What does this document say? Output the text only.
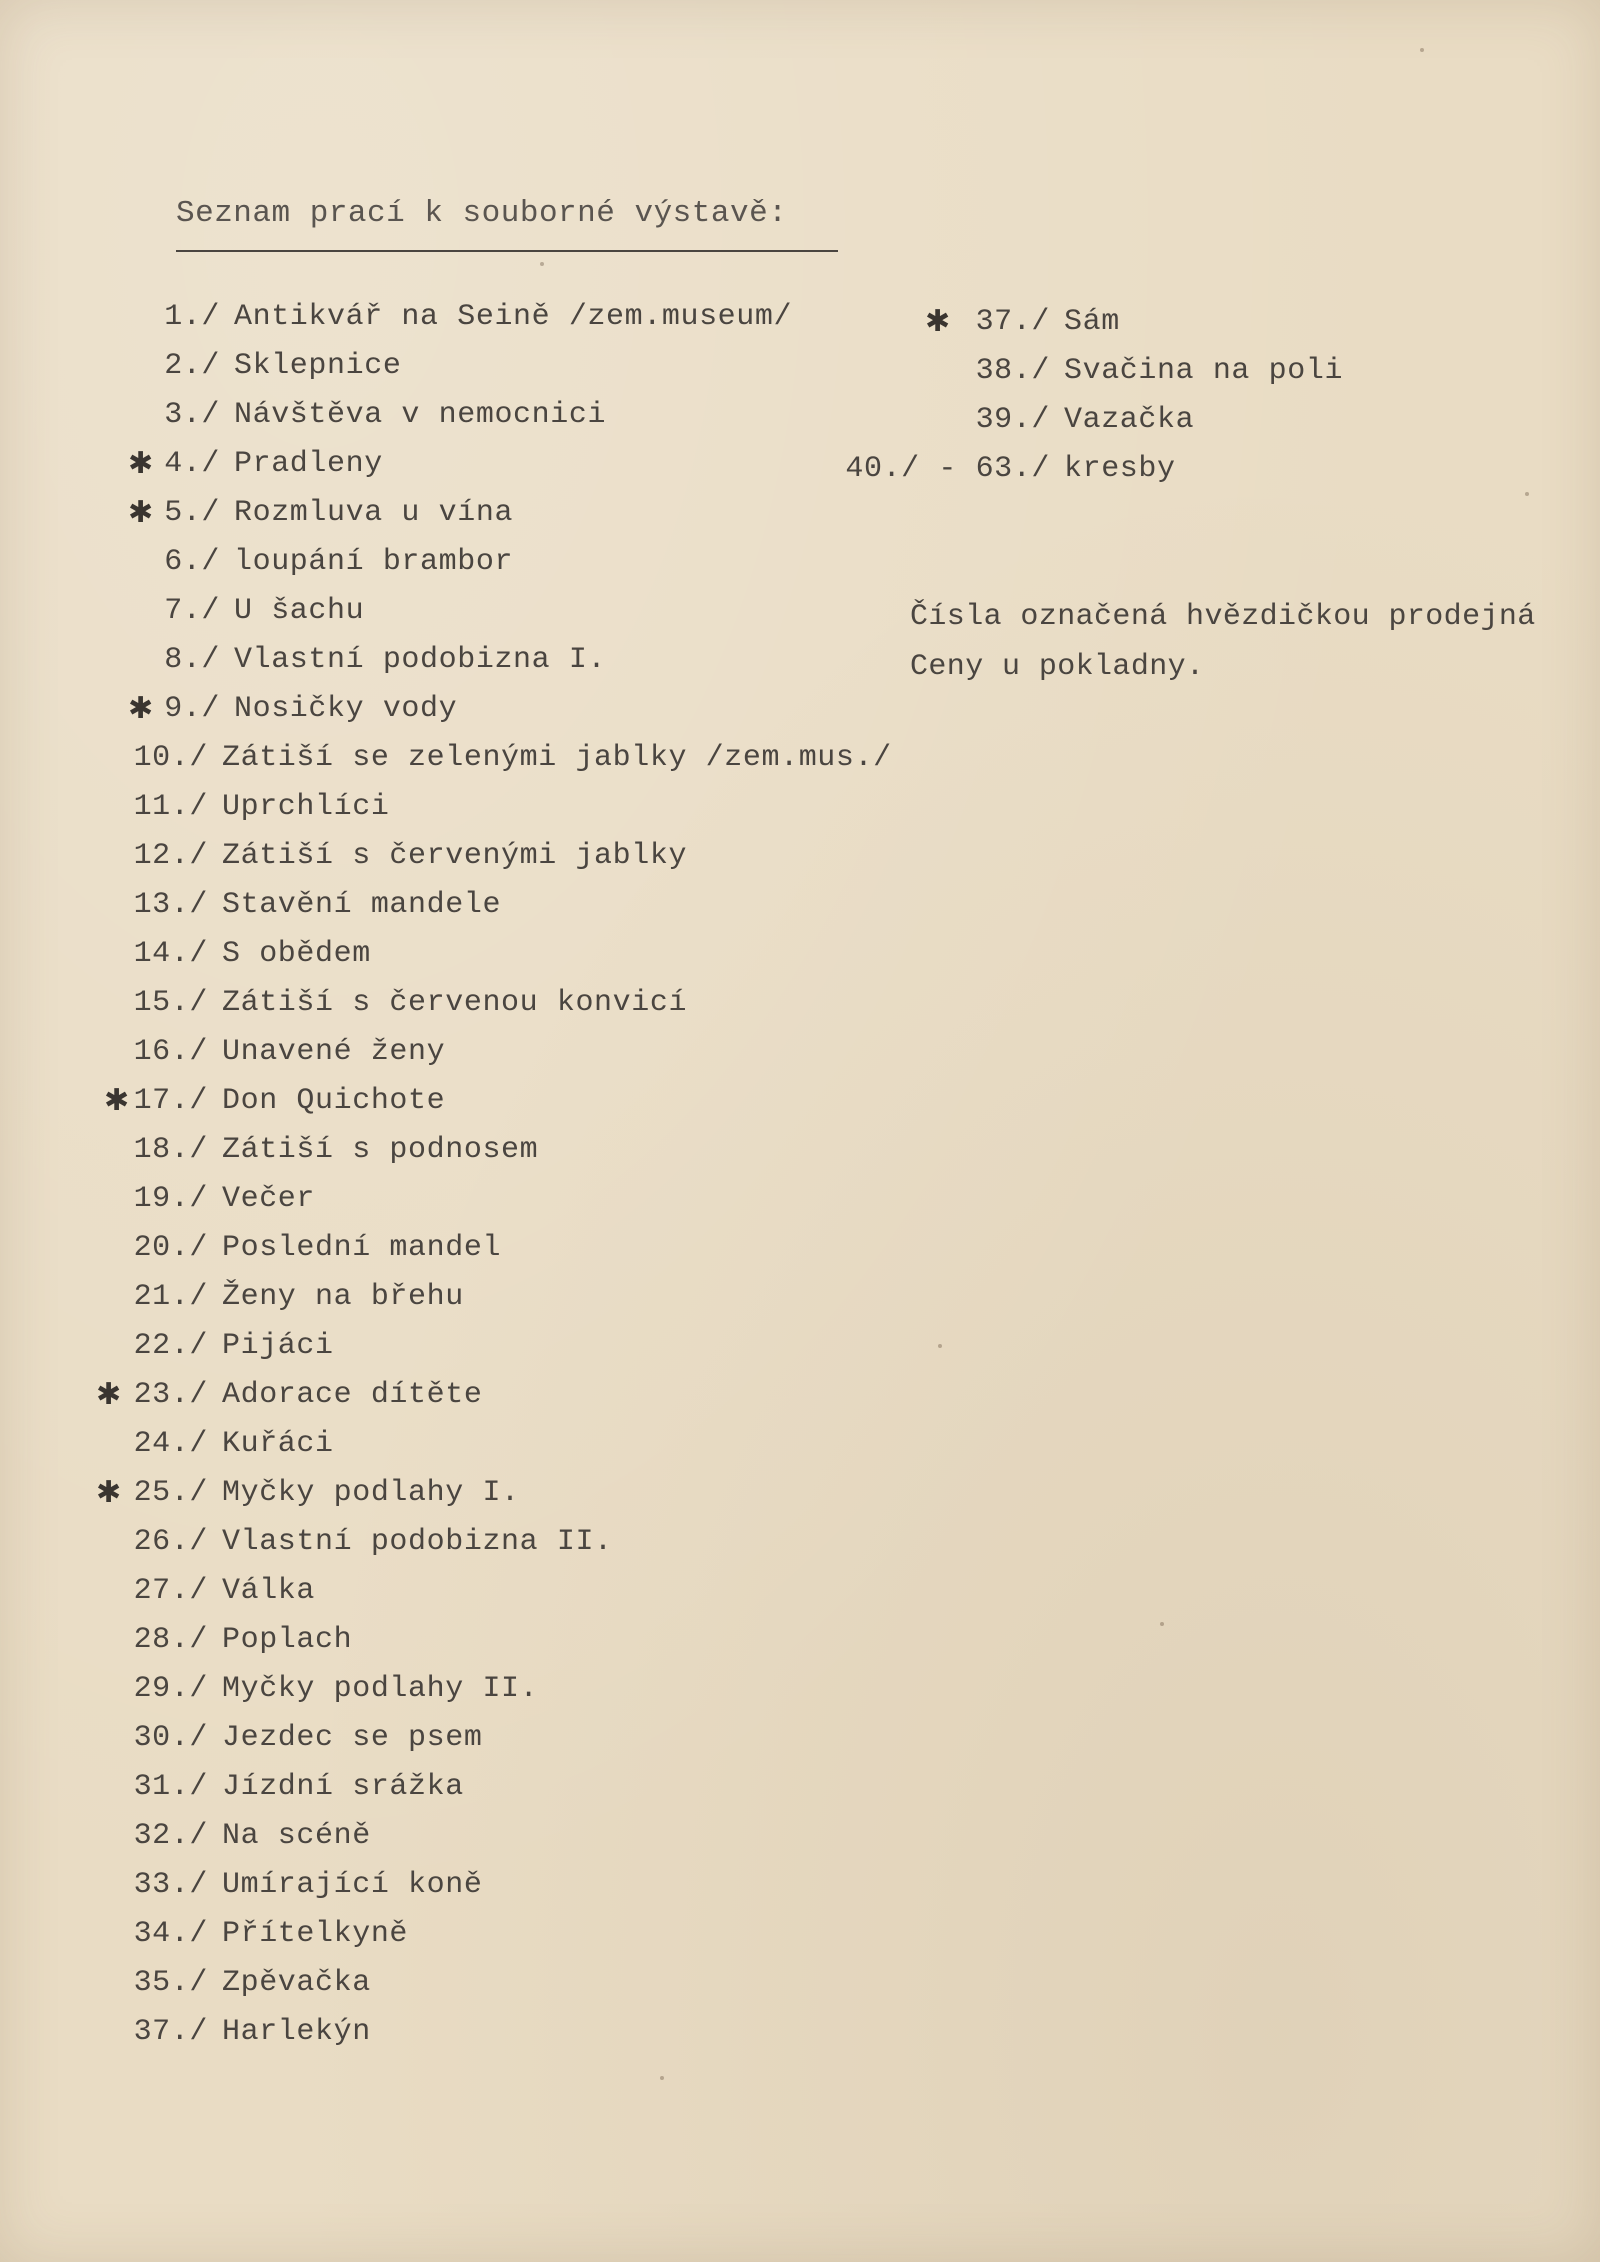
Seznam prací k souborné výstavě:
1./ Antikvář na Seině /zem.museum/
2./ Sklepnice
3./ Návštěva v nemocnici
4./ Pradleny
✱
5./ Rozmluva u vína
✱
6./ loupání brambor
7./ U šachu
8./ Vlastní podobizna I.
9./ Nosičky vody
✱
10./ Zátiší se zelenými jablky /zem.mus./
11./ Uprchlíci
12./ Zátiší s červenými jablky
13./ Stavění mandele
14./ S obědem
15./ Zátiší s červenou konvicí
16./ Unavené ženy
17./ Don Quichote
✱
18./ Zátiší s podnosem
19./ Večer
20./ Poslední mandel
21./ Ženy na břehu
22./ Pijáci
23./ Adorace dítěte
✱
24./ Kuřáci
25./ Myčky podlahy I.
✱
26./ Vlastní podobizna II.
27./ Válka
28./ Poplach
29./ Myčky podlahy II.
30./ Jezdec se psem
31./ Jízdní srážka
32./ Na scéně
33./ Umírající koně
34./ Přítelkyně
35./ Zpěvačka
37./ Harlekýn
37./ Sám
✱
38./ Svačina na poli
39./ Vazačka
40./ - 63./ kresby
Čísla označená hvězdičkou prodejná
Ceny u pokladny.
